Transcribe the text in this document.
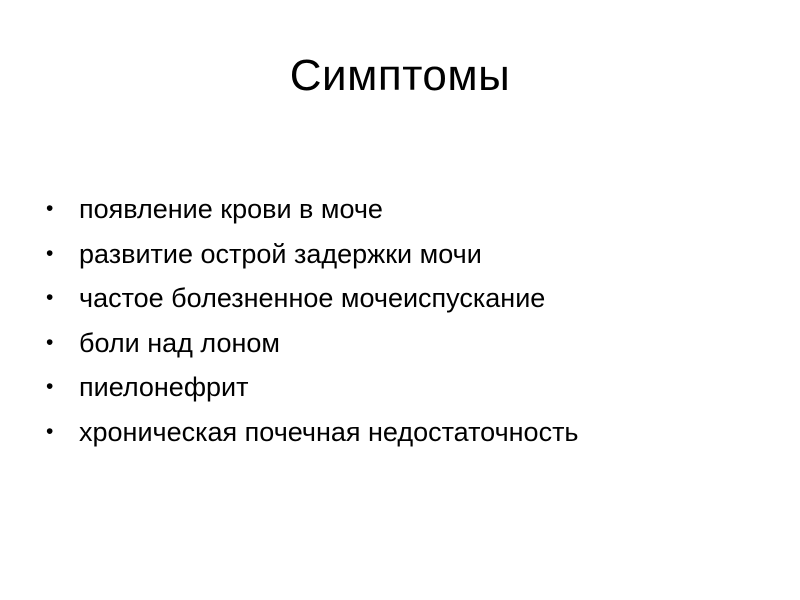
Симптомы
• появление крови в моче
• развитие острой задержки мочи
• частое болезненное мочеиспускание
• боли над лоном
• пиелонефрит
• хроническая почечная недостаточность
